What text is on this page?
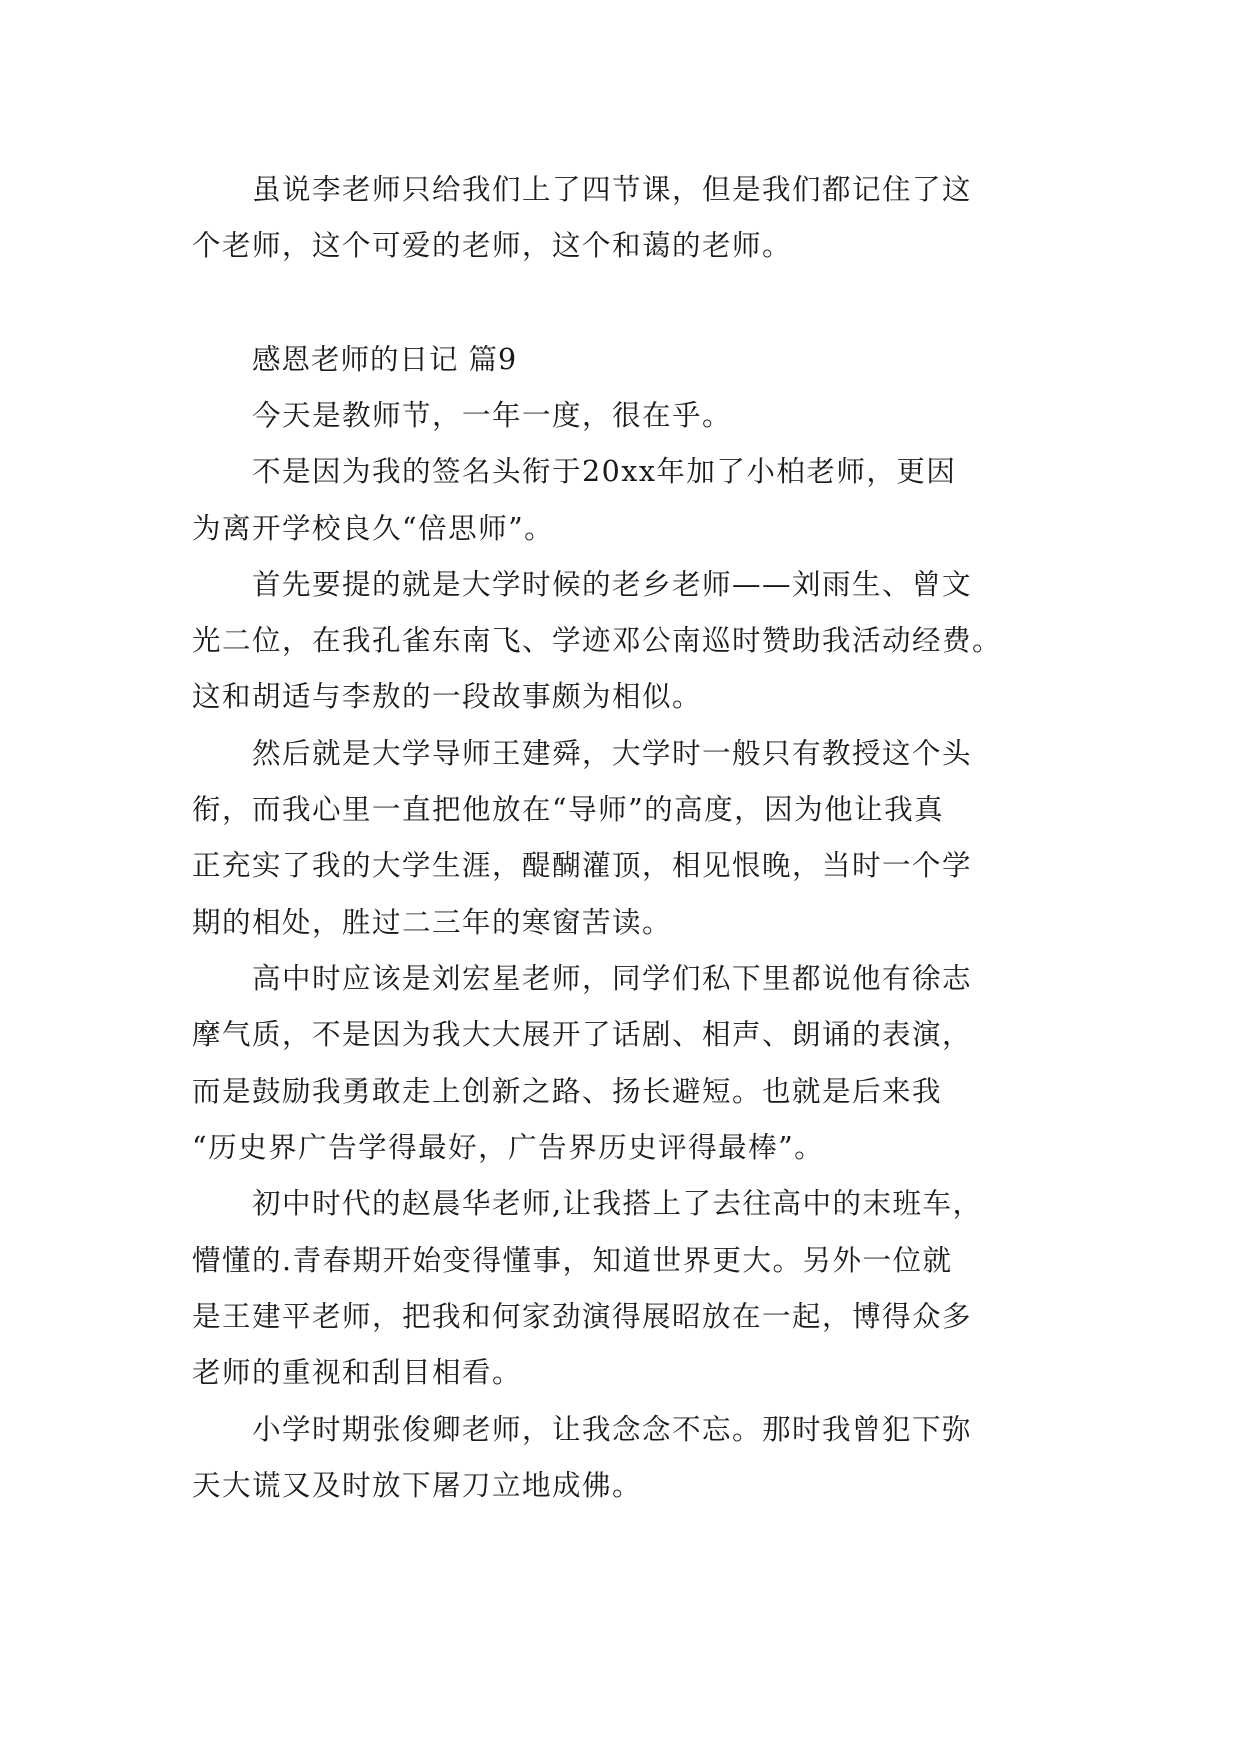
虽说李老师只给我们上了四节课，但是我们都记住了这
个老师，这个可爱的老师，这个和蔼的老师。
感恩老师的日记 篇9
今天是教师节，一年一度，很在乎。
不是因为我的签名头衔于20xx年加了小柏老师，更因
为离开学校良久“倍思师”。
首先要提的就是大学时候的老乡老师——刘雨生、曾文
光二位，在我孔雀东南飞、学迹邓公南巡时赞助我活动经费。
这和胡适与李敖的一段故事颇为相似。
然后就是大学导师王建舜，大学时一般只有教授这个头
衔，而我心里一直把他放在“导师”的高度，因为他让我真
正充实了我的大学生涯，醍醐灌顶，相见恨晚，当时一个学
期的相处，胜过二三年的寒窗苦读。
高中时应该是刘宏星老师，同学们私下里都说他有徐志
摩气质，不是因为我大大展开了话剧、相声、朗诵的表演，
而是鼓励我勇敢走上创新之路、扬长避短。也就是后来我
“历史界广告学得最好，广告界历史评得最棒”。
初中时代的赵晨华老师,让我搭上了去往高中的末班车，
懵懂的.青春期开始变得懂事，知道世界更大。另外一位就
是王建平老师，把我和何家劲演得展昭放在一起，博得众多
老师的重视和刮目相看。
小学时期张俊卿老师，让我念念不忘。那时我曾犯下弥
天大谎又及时放下屠刀立地成佛。
